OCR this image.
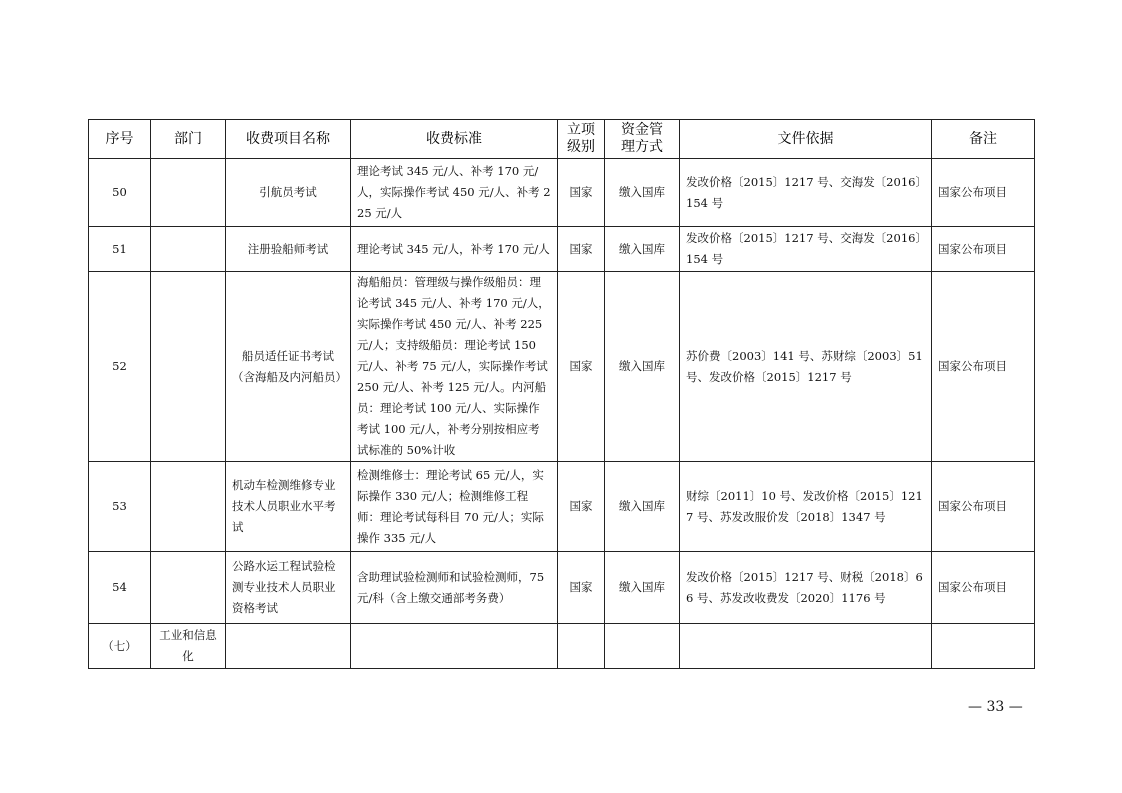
序号	部门	收费项目名称	收费标准	立项级别	资金管理方式	文件依据	备注
50		引航员考试	理论考试 345 元/人、补考 170 元/人，实际操作考试 450 元/人、补考 225 元/人	国家	缴入国库	发改价格〔2015〕1217 号、交海发〔2016〕154 号	国家公布项目
51		注册验船师考试	理论考试 345 元/人，补考 170 元/人	国家	缴入国库	发改价格〔2015〕1217 号、交海发〔2016〕154 号	国家公布项目
52		船员适任证书考试（含海船及内河船员）	海船船员：管理级与操作级船员：理论考试 345 元/人、补考 170 元/人，实际操作考试 450 元/人、补考 225 元/人；支持级船员：理论考试 150 元/人、补考 75 元/人，实际操作考试 250 元/人、补考 125 元/人。内河船员：理论考试 100 元/人、实际操作考试 100 元/人，补考分别按相应考试标准的 50%计收	国家	缴入国库	苏价费〔2003〕141 号、苏财综〔2003〕51 号、发改价格〔2015〕1217 号	国家公布项目
53		机动车检测维修专业技术人员职业水平考试	检测维修士：理论考试 65 元/人，实际操作 330 元/人；检测维修工程师：理论考试每科目 70 元/人；实际操作 335 元/人	国家	缴入国库	财综〔2011〕10 号、发改价格〔2015〕1217 号、苏发改服价发〔2018〕1347 号	国家公布项目
54		公路水运工程试验检测专业技术人员职业资格考试	含助理试验检测师和试验检测师，75 元/科（含上缴交通部考务费）	国家	缴入国库	发改价格〔2015〕1217 号、财税〔2018〕66 号、苏发改收费发〔2020〕1176 号	国家公布项目
（七）	工业和信息化						
— 33 —
